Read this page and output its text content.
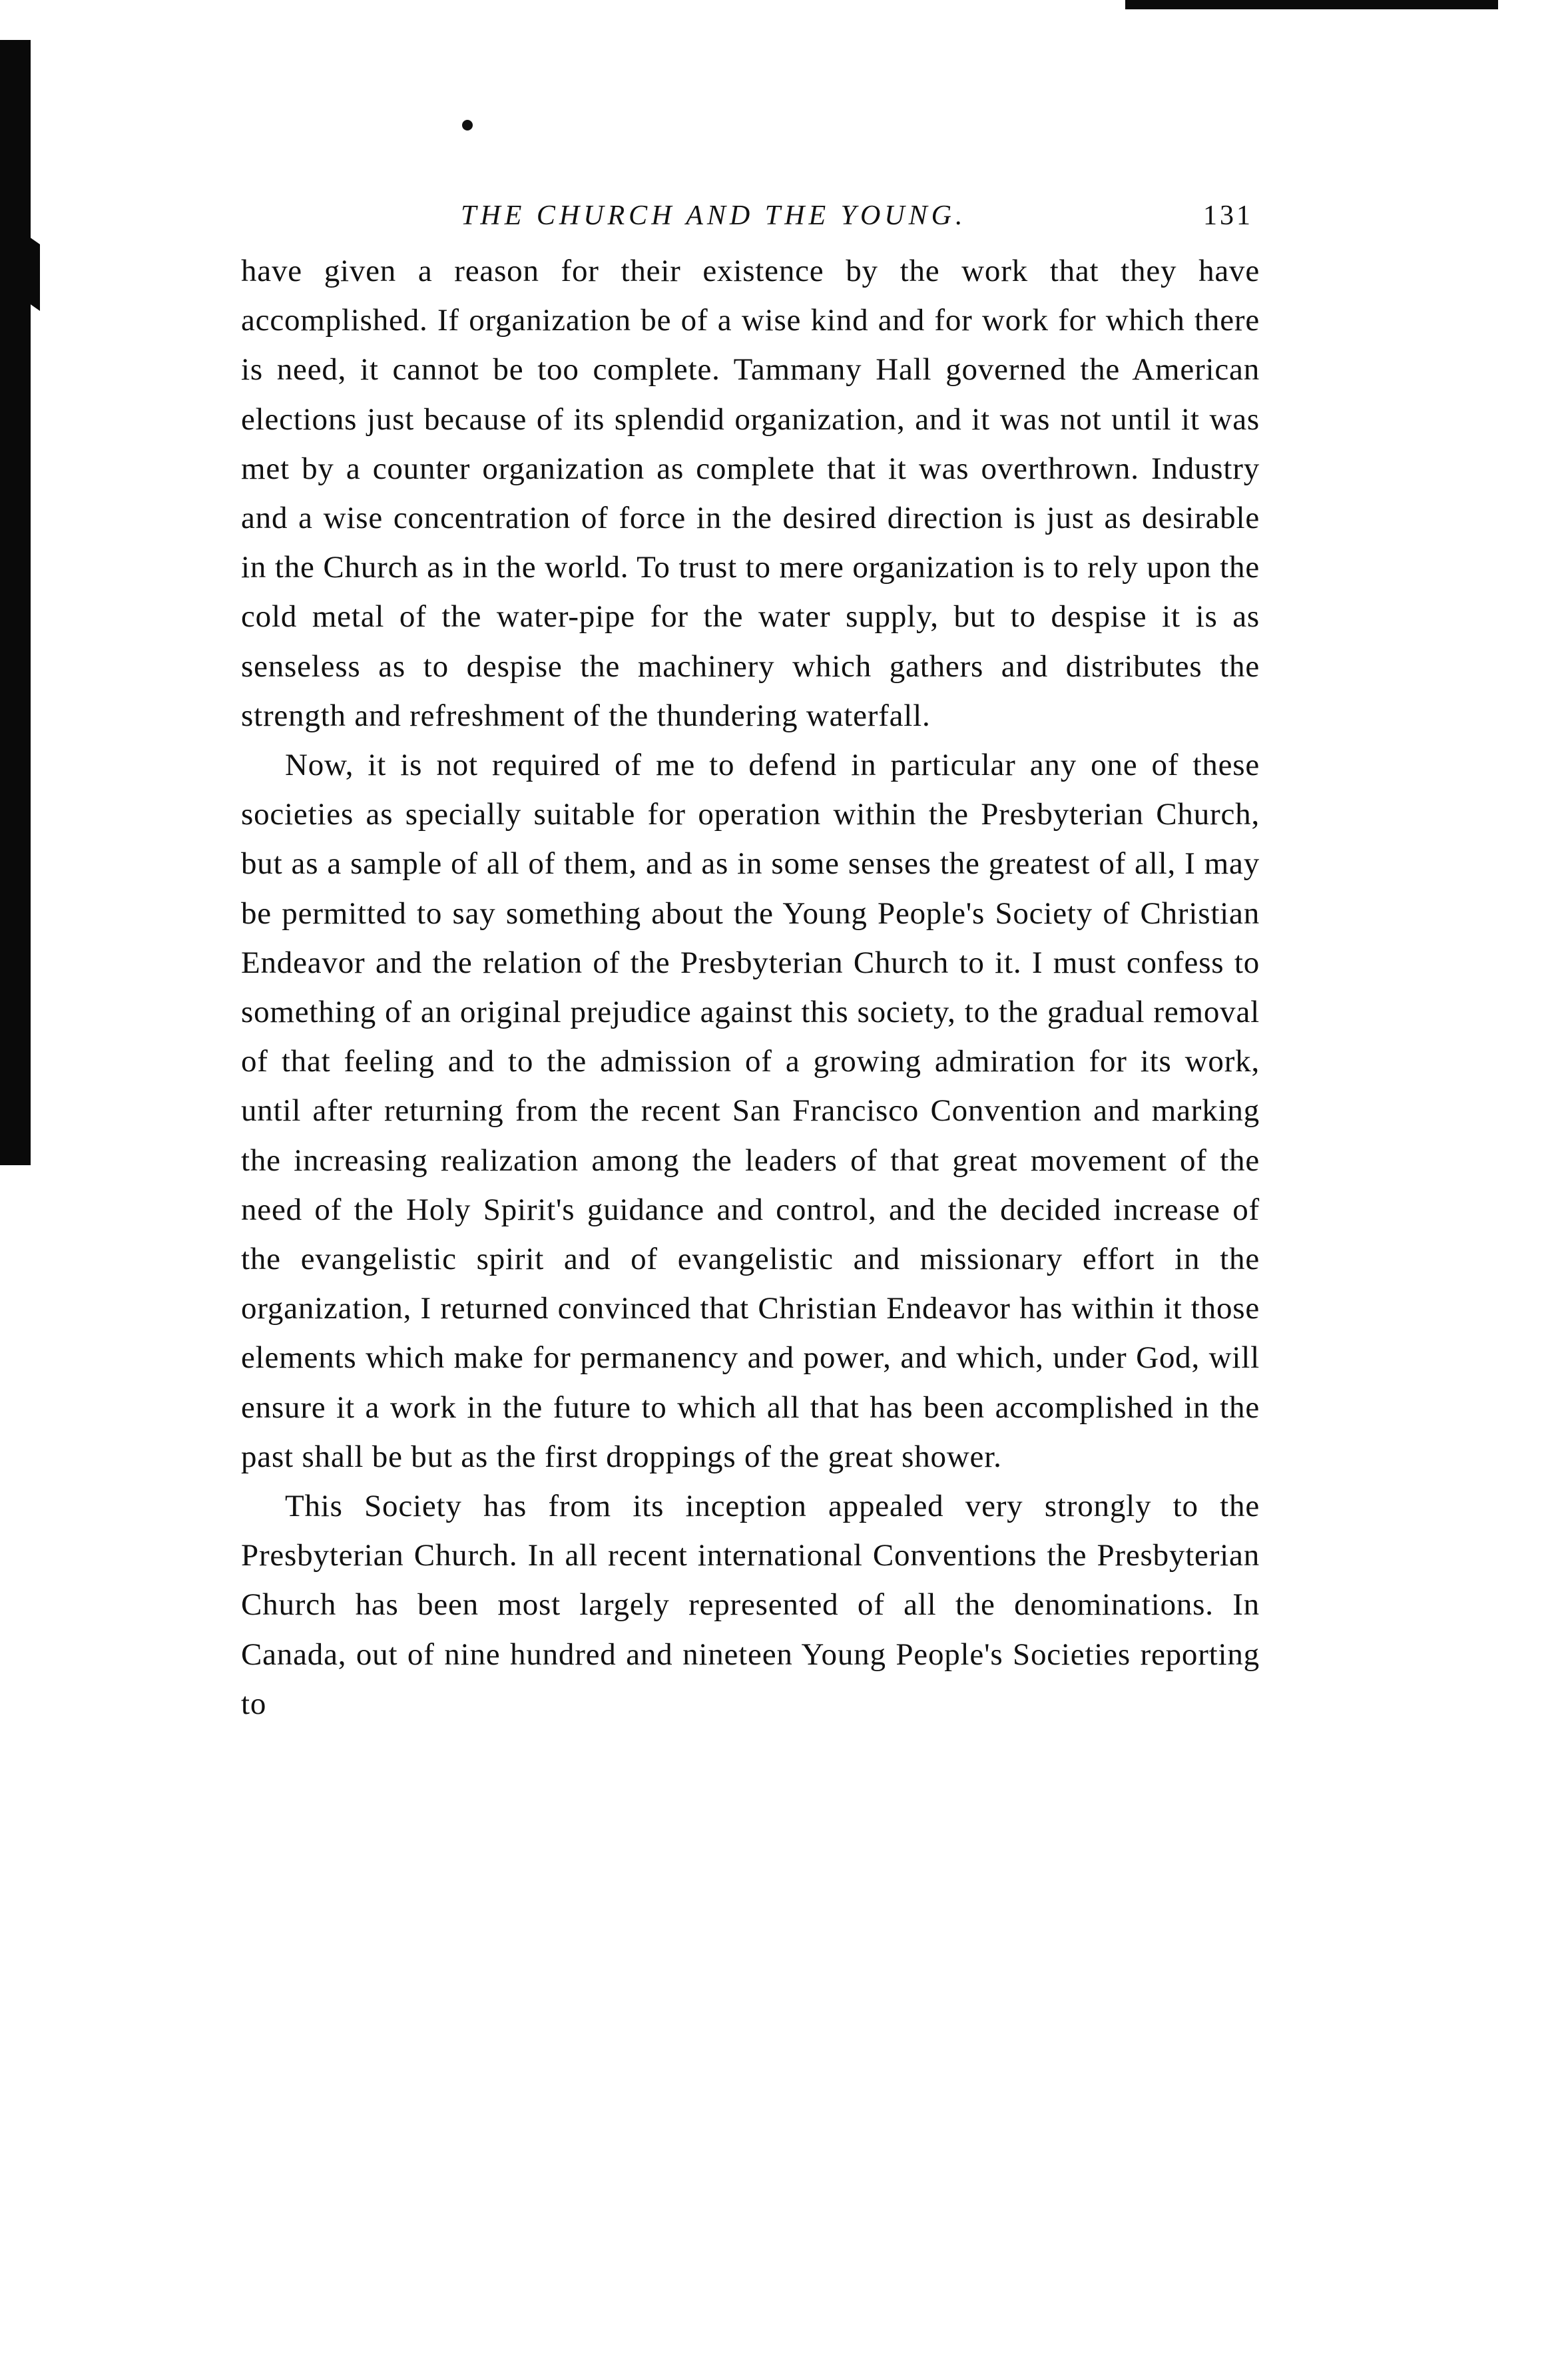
THE CHURCH AND THE YOUNG.	131

have given a reason for their existence by the work that they have accomplished. If organization be of a wise kind and for work for which there is need, it cannot be too complete. Tammany Hall governed the American elections just because of its splendid organization, and it was not until it was met by a counter organization as complete that it was overthrown. Industry and a wise concentration of force in the desired direction is just as desirable in the Church as in the world. To trust to mere organization is to rely upon the cold metal of the water-pipe for the water supply, but to despise it is as senseless as to despise the machinery which gathers and distributes the strength and refreshment of the thundering waterfall.

Now, it is not required of me to defend in particular any one of these societies as specially suitable for operation within the Presbyterian Church, but as a sample of all of them, and as in some senses the greatest of all, I may be permitted to say something about the Young People's Society of Christian Endeavor and the relation of the Presbyterian Church to it. I must confess to something of an original prejudice against this society, to the gradual removal of that feeling and to the admission of a growing admiration for its work, until after returning from the recent San Francisco Convention and marking the increasing realization among the leaders of that great movement of the need of the Holy Spirit's guidance and control, and the decided increase of the evangelistic spirit and of evangelistic and missionary effort in the organization, I returned convinced that Christian Endeavor has within it those elements which make for permanency and power, and which, under God, will ensure it a work in the future to which all that has been accomplished in the past shall be but as the first droppings of the great shower.

This Society has from its inception appealed very strongly to the Presbyterian Church. In all recent international Conventions the Presbyterian Church has been most largely represented of all the denominations. In Canada, out of nine hundred and nineteen Young People's Societies reporting to
